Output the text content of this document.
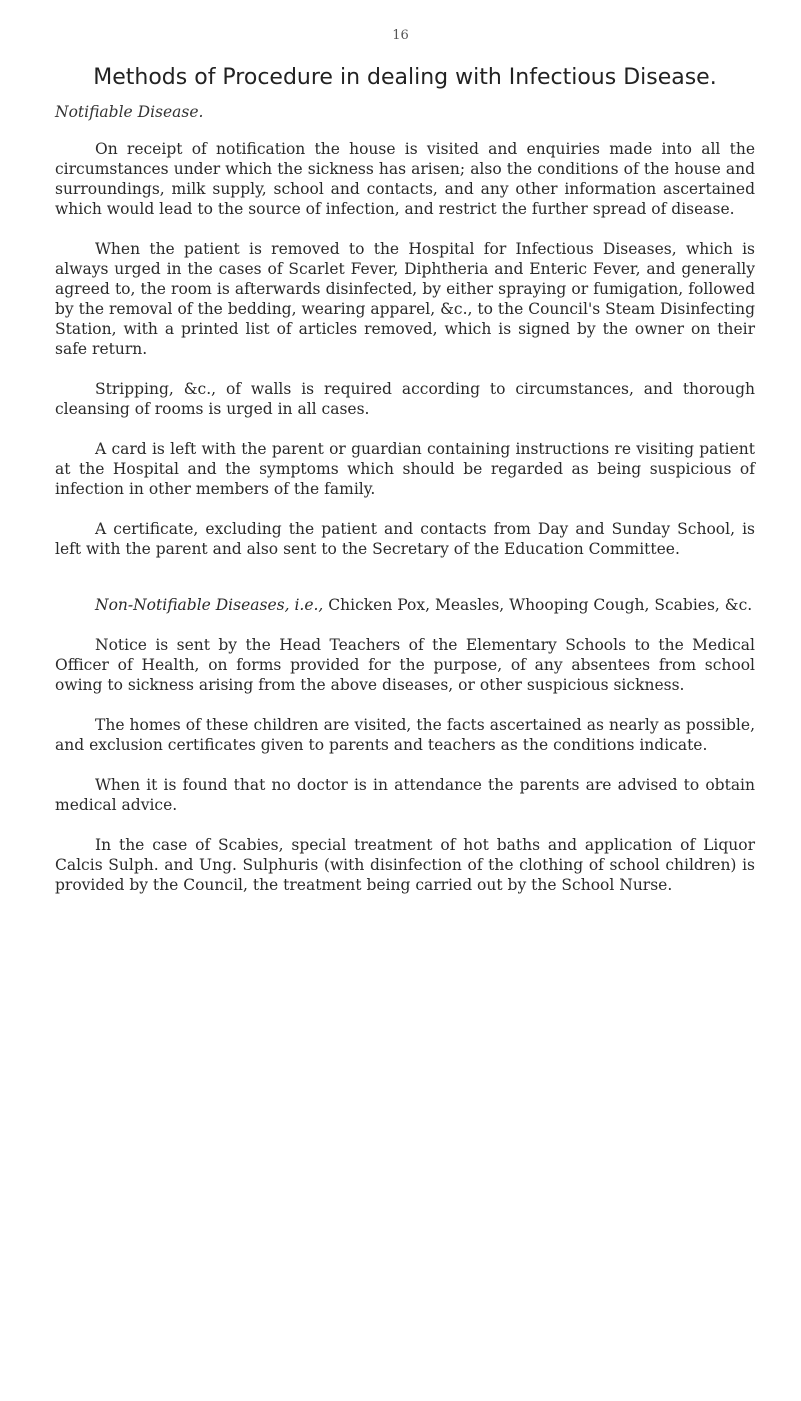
16
Methods of Procedure in dealing with Infectious Disease.
Notifiable Disease.

On receipt of notification the house is visited and enquiries made into all the circumstances under which the sickness has arisen; also the conditions of the house and surroundings, milk supply, school and contacts, and any other information ascertained which would lead to the source of infection, and restrict the further spread of disease.

When the patient is removed to the Hospital for Infectious Diseases, which is always urged in the cases of Scarlet Fever, Diphtheria and Enteric Fever, and generally agreed to, the room is afterwards disinfected, by either spraying or fumigation, followed by the removal of the bedding, wearing apparel, &c., to the Council's Steam Disinfecting Station, with a printed list of articles removed, which is signed by the owner on their safe return.

Stripping, &c., of walls is required according to circumstances, and thorough cleansing of rooms is urged in all cases.

A card is left with the parent or guardian containing instructions re visiting patient at the Hospital and the symptoms which should be regarded as being suspicious of infection in other members of the family.

A certificate, excluding the patient and contacts from Day and Sunday School, is left with the parent and also sent to the Secretary of the Education Committee.

Non-Notifiable Diseases, i.e., Chicken Pox, Measles, Whooping Cough, Scabies, &c.

Notice is sent by the Head Teachers of the Elementary Schools to the Medical Officer of Health, on forms provided for the purpose, of any absentees from school owing to sickness arising from the above diseases, or other suspicious sickness.

The homes of these children are visited, the facts ascertained as nearly as possible, and exclusion certificates given to parents and teachers as the conditions indicate.

When it is found that no doctor is in attendance the parents are advised to obtain medical advice.

In the case of Scabies, special treatment of hot baths and application of Liquor Calcis Sulph. and Ung. Sulphuris (with disinfection of the clothing of school children) is provided by the Council, the treatment being carried out by the School Nurse.
